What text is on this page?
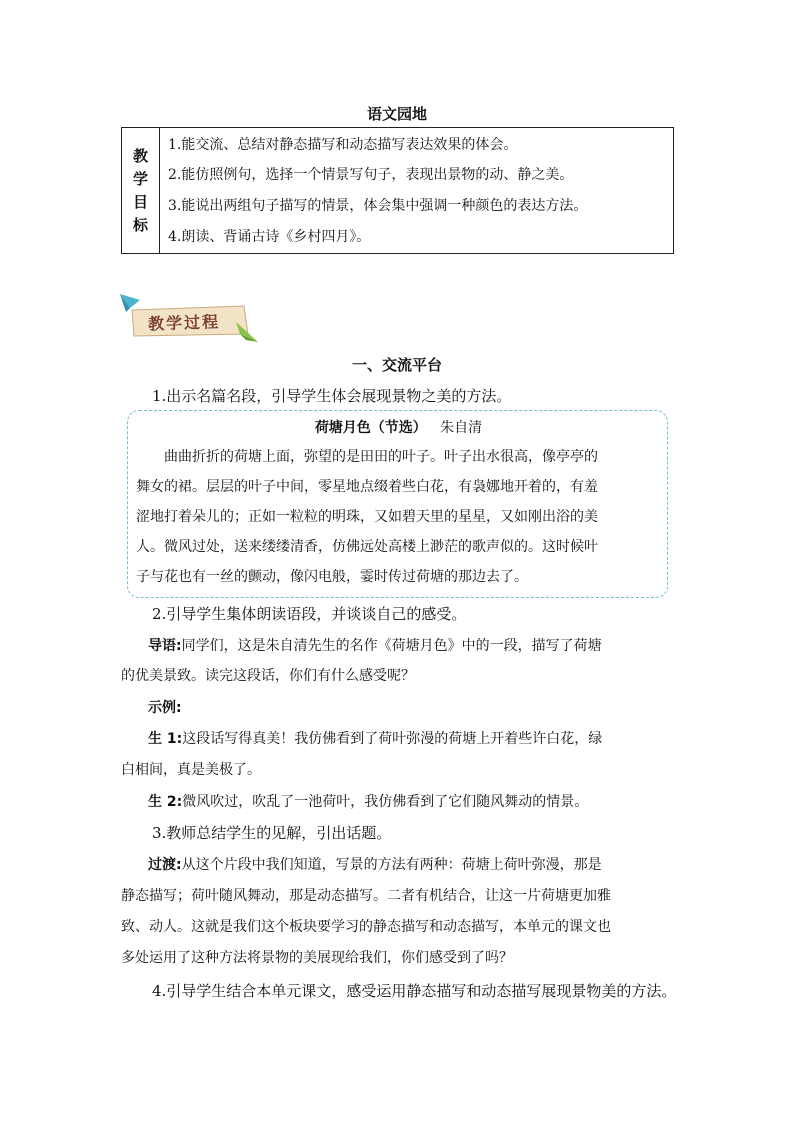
语文园地
教学目标
1.能交流、总结对静态描写和动态描写表达效果的体会。
2.能仿照例句，选择一个情景写句子，表现出景物的动、静之美。
3.能说出两组句子描写的情景，体会集中强调一种颜色的表达方法。
4.朗读、背诵古诗《乡村四月》。
教学过程
一、交流平台
1.出示名篇名段，引导学生体会展现景物之美的方法。
荷塘月色（节选） 朱自清
曲曲折折的荷塘上面，弥望的是田田的叶子。叶子出水很高，像亭亭的
舞女的裙。层层的叶子中间，零星地点缀着些白花，有袅娜地开着的，有羞
涩地打着朵儿的；正如一粒粒的明珠，又如碧天里的星星，又如刚出浴的美
人。微风过处，送来缕缕清香，仿佛远处高楼上渺茫的歌声似的。这时候叶
子与花也有一丝的颤动，像闪电般，霎时传过荷塘的那边去了。
2.引导学生集体朗读语段，并谈谈自己的感受。
导语:同学们，这是朱自清先生的名作《荷塘月色》中的一段，描写了荷塘
的优美景致。读完这段话，你们有什么感受呢？
示例:
生 1:这段话写得真美！我仿佛看到了荷叶弥漫的荷塘上开着些许白花，绿
白相间，真是美极了。
生 2:微风吹过，吹乱了一池荷叶，我仿佛看到了它们随风舞动的情景。
3.教师总结学生的见解，引出话题。
过渡:从这个片段中我们知道，写景的方法有两种：荷塘上荷叶弥漫，那是
静态描写；荷叶随风舞动，那是动态描写。二者有机结合，让这一片荷塘更加雅
致、动人。这就是我们这个板块要学习的静态描写和动态描写，本单元的课文也
多处运用了这种方法将景物的美展现给我们，你们感受到了吗？
4.引导学生结合本单元课文，感受运用静态描写和动态描写展现景物美的方法。
